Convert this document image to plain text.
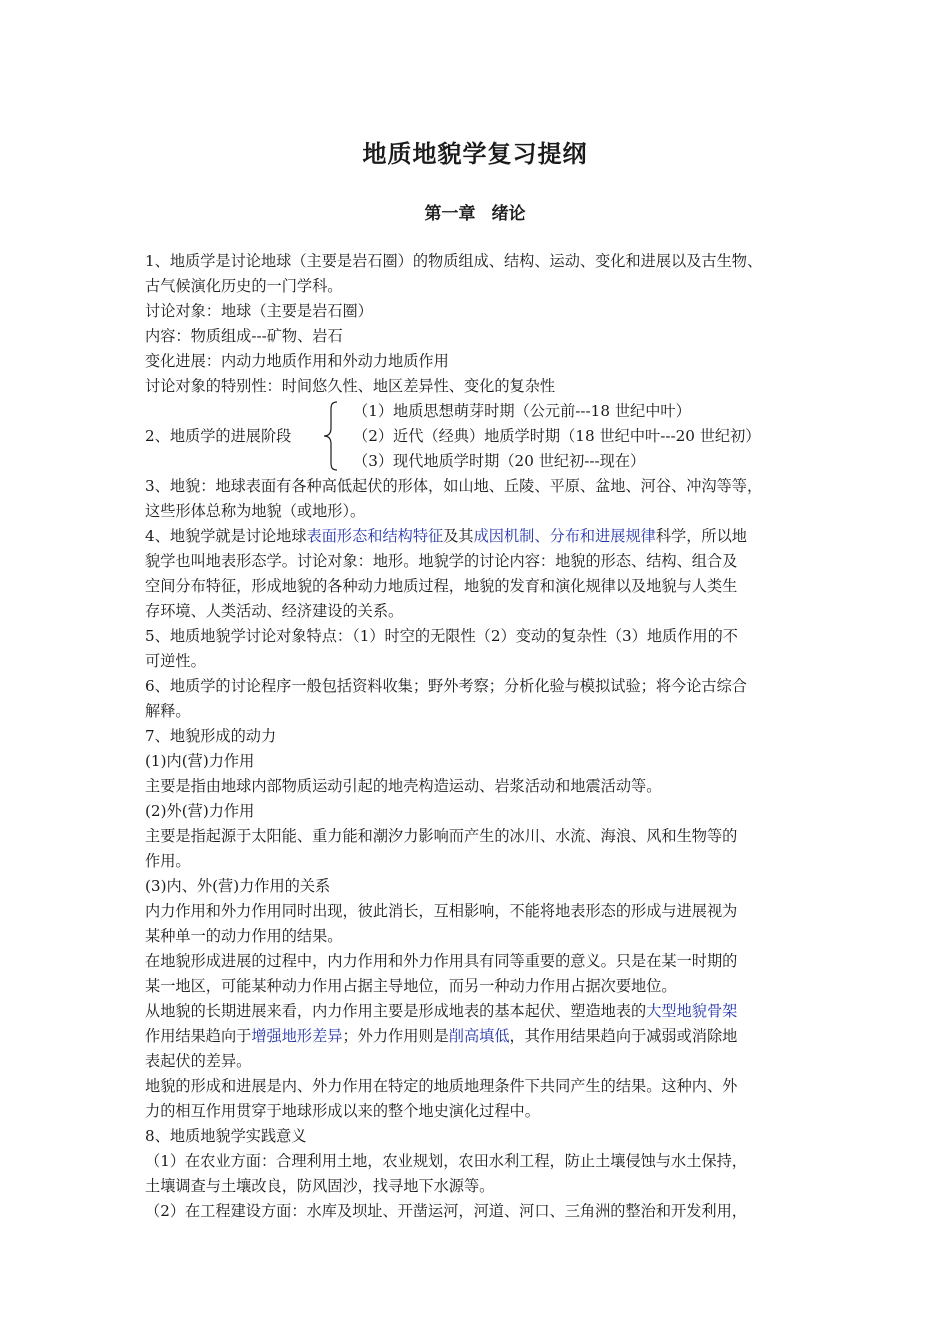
地质地貌学复习提纲
第一章 绪论
1、地质学是讨论地球（主要是岩石圈）的物质组成、结构、运动、变化和进展以及古生物、
古气候演化历史的一门学科。
讨论对象：地球（主要是岩石圈）
内容：物质组成---矿物、岩石
变化进展：内动力地质作用和外动力地质作用
讨论对象的特别性：时间悠久性、地区差异性、变化的复杂性
2、地质学的进展阶段
（1）地质思想萌芽时期（公元前---18 世纪中叶）
（2）近代（经典）地质学时期（18 世纪中叶---20 世纪初）
（3）现代地质学时期（20 世纪初---现在）
3、地貌：地球表面有各种高低起伏的形体，如山地、丘陵、平原、盆地、河谷、冲沟等等，
这些形体总称为地貌（或地形）。
4、地貌学就是讨论地球表面形态和结构特征及其成因机制、分布和进展规律科学，所以地
貌学也叫地表形态学。讨论对象：地形。地貌学的讨论内容：地貌的形态、结构、组合及
空间分布特征，形成地貌的各种动力地质过程，地貌的发育和演化规律以及地貌与人类生
存环境、人类活动、经济建设的关系。
5、地质地貌学讨论对象特点：（1）时空的无限性（2）变动的复杂性（3）地质作用的不
可逆性。
6、地质学的讨论程序一般包括资料收集；野外考察；分析化验与模拟试验；将今论古综合
解释。
7、地貌形成的动力
(1)内(营)力作用
主要是指由地球内部物质运动引起的地壳构造运动、岩浆活动和地震活动等。
(2)外(营)力作用
主要是指起源于太阳能、重力能和潮汐力影响而产生的冰川、水流、海浪、风和生物等的
作用。
(3)内、外(营)力作用的关系
内力作用和外力作用同时出现，彼此消长，互相影响，不能将地表形态的形成与进展视为
某种单一的动力作用的结果。
在地貌形成进展的过程中，内力作用和外力作用具有同等重要的意义。只是在某一时期的
某一地区，可能某种动力作用占据主导地位，而另一种动力作用占据次要地位。
从地貌的长期进展来看，内力作用主要是形成地表的基本起伏、塑造地表的大型地貌骨架
作用结果趋向于增强地形差异；外力作用则是削高填低，其作用结果趋向于减弱或消除地
表起伏的差异。
地貌的形成和进展是内、外力作用在特定的地质地理条件下共同产生的结果。这种内、外
力的相互作用贯穿于地球形成以来的整个地史演化过程中。
8、地质地貌学实践意义
（1）在农业方面：合理利用土地，农业规划，农田水利工程，防止土壤侵蚀与水土保持，
土壤调查与土壤改良，防风固沙，找寻地下水源等。
（2）在工程建设方面：水库及坝址、开凿运河，河道、河口、三角洲的整治和开发利用，
